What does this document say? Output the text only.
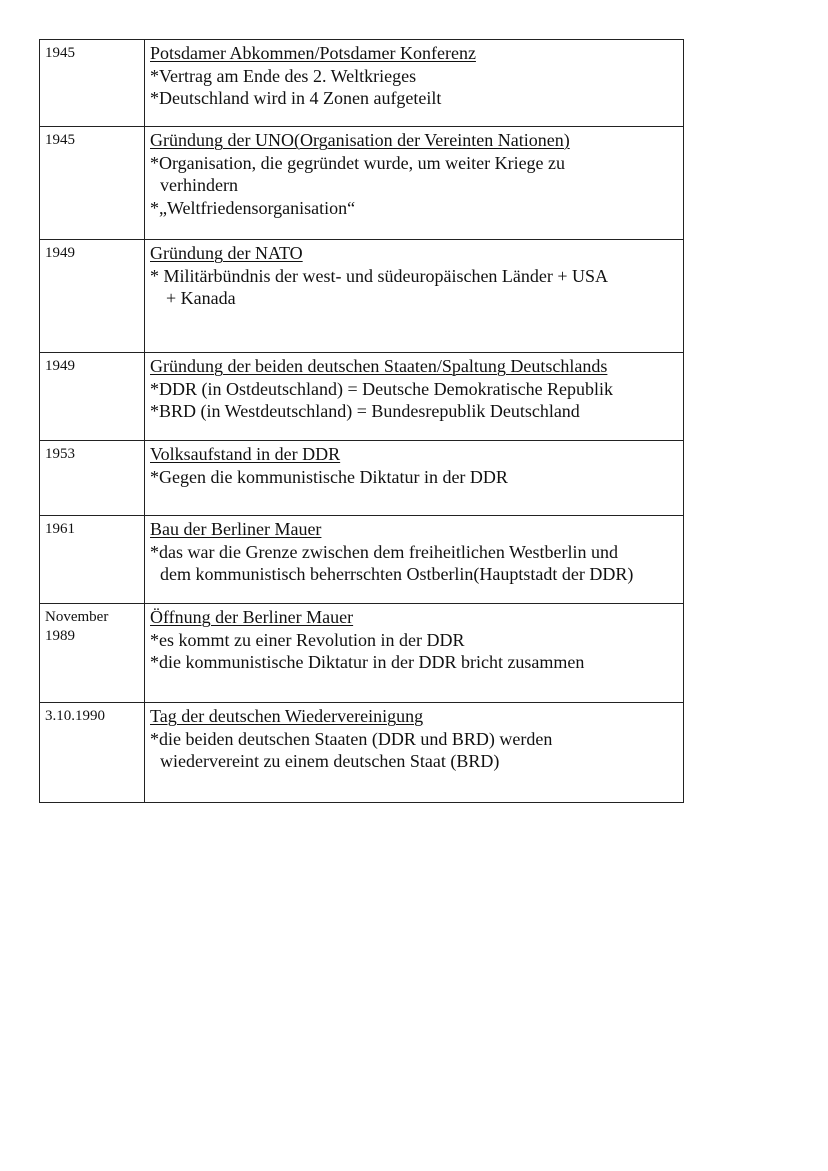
1945	Potsdamer Abkommen/Potsdamer Konferenz
*Vertrag am Ende des 2. Weltkrieges
*Deutschland wird in 4 Zonen aufgeteilt

1945	Gründung der UNO(Organisation der Vereinten Nationen)
*Organisation, die gegründet wurde, um weiter Kriege zu
verhindern
*„Weltfriedensorganisation“

1949	Gründung der NATO
* Militärbündnis der west- und südeuropäischen Länder + USA
+ Kanada

1949	Gründung der beiden deutschen Staaten/Spaltung Deutschlands
*DDR (in Ostdeutschland) = Deutsche Demokratische Republik
*BRD (in Westdeutschland) = Bundesrepublik Deutschland

1953	Volksaufstand in der DDR
*Gegen die kommunistische Diktatur in der DDR

1961	Bau der Berliner Mauer
*das war die Grenze zwischen dem freiheitlichen Westberlin und
dem kommunistisch beherrschten Ostberlin(Hauptstadt der DDR)

November
1989	Öffnung der Berliner Mauer
*es kommt zu einer Revolution in der DDR
*die kommunistische Diktatur in der DDR bricht zusammen

3.10.1990	Tag der deutschen Wiedervereinigung
*die beiden deutschen Staaten (DDR und BRD) werden
wiedervereint zu einem deutschen Staat (BRD)
